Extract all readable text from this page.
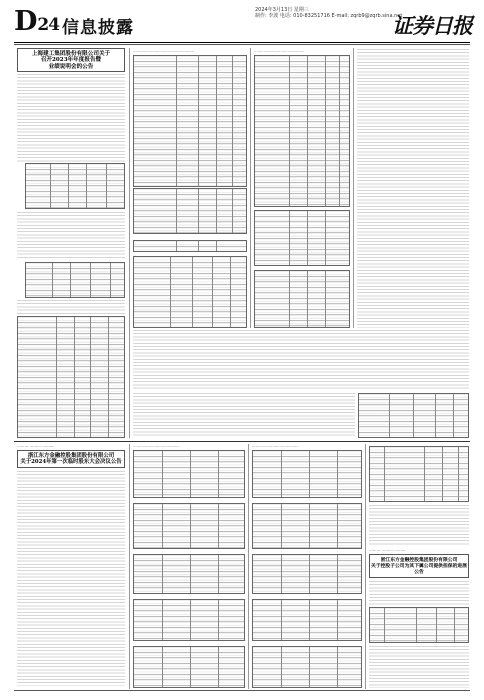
D24 信息披露
2024年3月13日 星期三
制作: 李波 电话: 010-83251716 E-mail: zqrb9@zqrb.sina.net
证券日报
上海建工集团股份有限公司关于
召开2023年年度报告暨
业绩说明会的公告
……………………………………………	……………………………………
……… ……… ………
浙江东方金融控股集团股份有限公司
关于2024年第一次临时股东大会决议公告
…………………………………	…………………………………
……… ……… ………
浙江东方金融控股集团股份有限公司
关于控股子公司为其下属公司提供担保的进展
公告
